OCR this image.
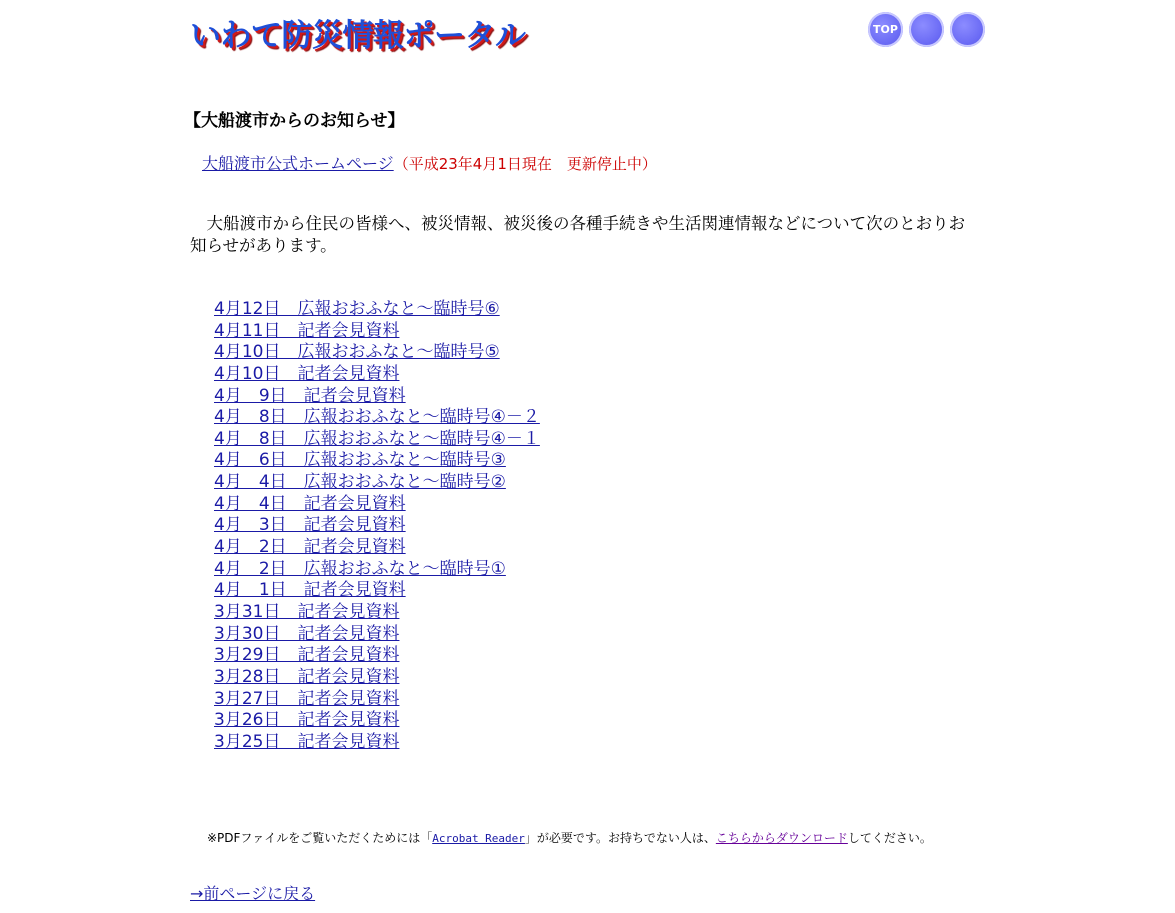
いわて防災情報ポータル	TOP
【大船渡市からのお知らせ】
大船渡市公式ホームページ（平成23年4月1日現在　更新停止中）

　大船渡市から住民の皆様へ、被災情報、被災後の各種手続きや生活関連情報などについて次のとおりお知らせがあります。

4月12日　広報おおふなと～臨時号⑥
4月11日　記者会見資料
4月10日　広報おおふなと～臨時号⑤
4月10日　記者会見資料
4月　9日　記者会見資料
4月　8日　広報おおふなと～臨時号④－２
4月　8日　広報おおふなと～臨時号④－１
4月　6日　広報おおふなと～臨時号③
4月　4日　広報おおふなと～臨時号②
4月　4日　記者会見資料
4月　3日　記者会見資料
4月　2日　記者会見資料
4月　2日　広報おおふなと～臨時号①
4月　1日　記者会見資料
3月31日　記者会見資料
3月30日　記者会見資料
3月29日　記者会見資料
3月28日　記者会見資料
3月27日　記者会見資料
3月26日　記者会見資料
3月25日　記者会見資料
※PDFファイルをご覧いただくためには「Acrobat Reader」が必要です。お持ちでない人は、こちらからダウンロードしてください。
→前ページに戻る
